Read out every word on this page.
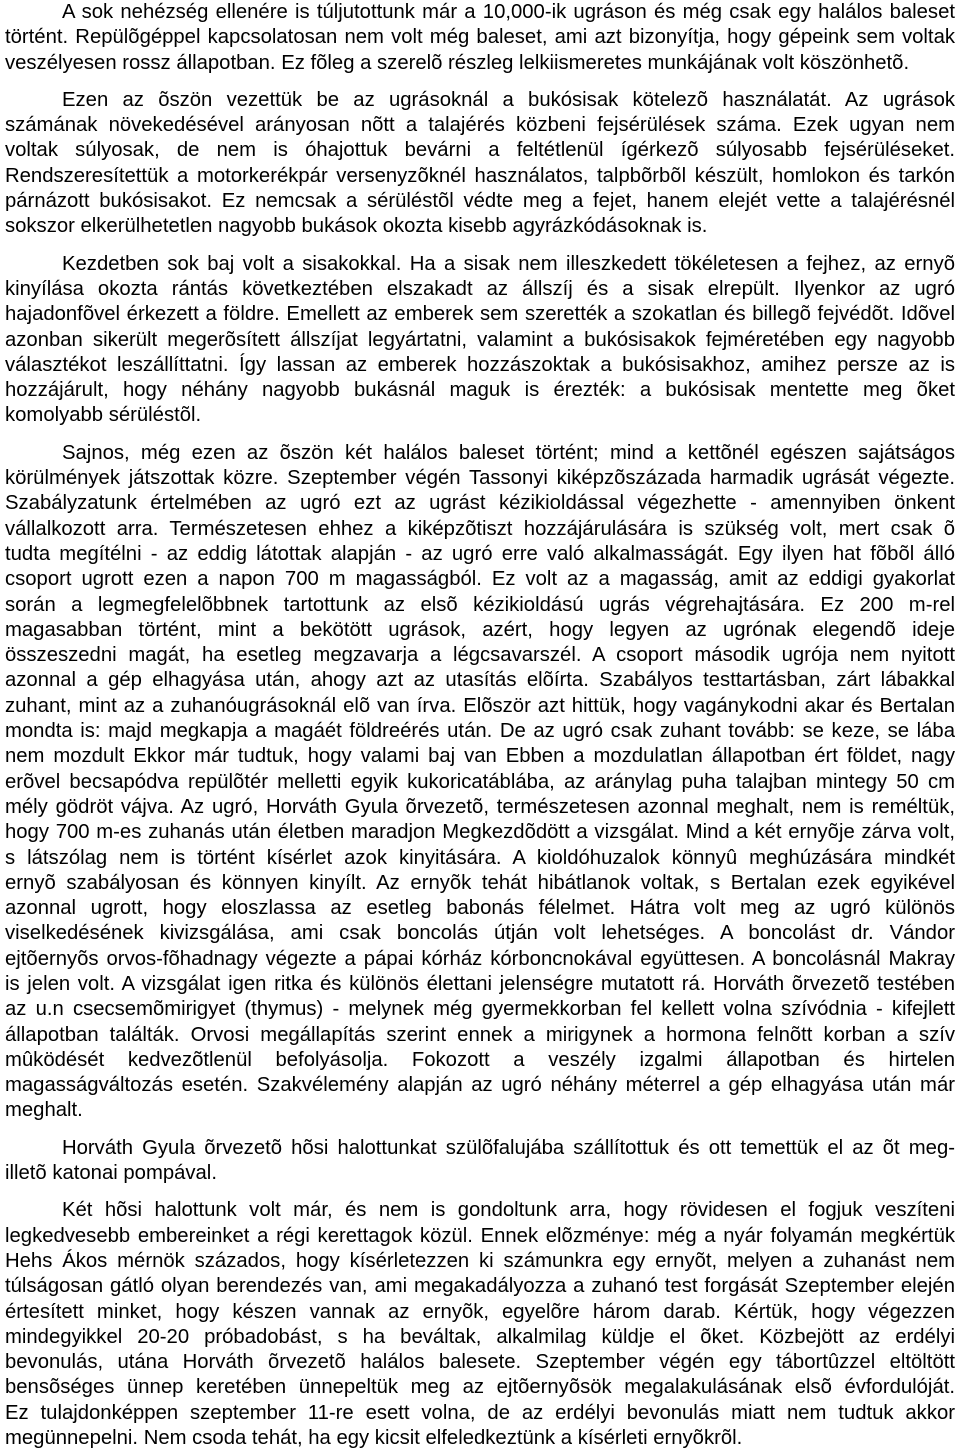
A sok nehézség ellenére is túljutottunk már a 10,000-ik ugráson és még csak egy halálos baleset
történt. Repülõgéppel kapcsolatosan nem volt még baleset, ami azt bizonyítja, hogy gépeink sem voltak
veszélyesen rossz állapotban. Ez fõleg a szerelõ részleg lelkiismeretes munkájának volt köszönhetõ.
Ezen az õszön vezettük be az ugrásoknál a bukósisak kötelezõ használatát. Az ugrások
számának növekedésével arányosan nõtt a talajérés közbeni fejsérülések száma. Ezek ugyan nem
voltak súlyosak, de nem is óhajottuk bevárni a feltétlenül ígérkezõ súlyosabb fejsérüléseket.
Rendszeresítettük a motorkerékpár versenyzõknél használatos, talpbõrbõl készült, homlokon és tarkón
párnázott bukósisakot. Ez nemcsak a sérüléstõl védte meg a fejet, hanem elejét vette a talajérésnél
sokszor elkerülhetetlen nagyobb bukások okozta kisebb agyrázkódásoknak is.
Kezdetben sok baj volt a sisakokkal. Ha a sisak nem illeszkedett tökéletesen a fejhez, az ernyõ
kinyílása okozta rántás következtében elszakadt az állszíj és a sisak elrepült. Ilyenkor az ugró
hajadonfõvel érkezett a földre. Emellett az emberek sem szerették a szokatlan és billegõ fejvédõt. Idõvel
azonban sikerült megerõsített állszíjat legyártatni, valamint a bukósisakok fejméretében egy nagyobb
választékot leszállíttatni. Így lassan az emberek hozzászoktak a bukósisakhoz, amihez persze az is
hozzájárult, hogy néhány nagyobb bukásnál maguk is érezték: a bukósisak mentette meg õket
komolyabb sérüléstõl.
Sajnos, még ezen az õszön két halálos baleset történt; mind a kettõnél egészen sajátságos
körülmények játszottak közre. Szeptember végén Tassonyi kiképzõszázada harmadik ugrását végezte.
Szabályzatunk értelmében az ugró ezt az ugrást kézikioldással végezhette - amennyiben önkent
vállalkozott arra. Természetesen ehhez a kiképzõtiszt hozzájárulására is szükség volt, mert csak õ
tudta megítélni - az eddig látottak alapján - az ugró erre való alkalmasságát. Egy ilyen hat fõbõl álló
csoport ugrott ezen a napon 700 m magasságból. Ez volt az a magasság, amit az eddigi gyakorlat
során a legmegfelelõbbnek tartottunk az elsõ kézikioldású ugrás végrehajtására. Ez 200 m-rel
magasabban történt, mint a bekötött ugrások, azért, hogy legyen az ugrónak elegendõ ideje
összeszedni magát, ha esetleg megzavarja a légcsavarszél. A csoport második ugrója nem nyitott
azonnal a gép elhagyása után, ahogy azt az utasítás elõírta. Szabályos testtartásban, zárt lábakkal
zuhant, mint az a zuhanóugrásoknál elõ van írva. Elõször azt hittük, hogy vagánykodni akar és Bertalan
mondta is: majd megkapja a magáét földreérés után. De az ugró csak zuhant tovább: se keze, se lába
nem mozdult Ekkor már tudtuk, hogy valami baj van Ebben a mozdulatlan állapotban ért földet, nagy
erõvel becsapódva repülõtér melletti egyik kukoricatáblába, az aránylag puha talajban mintegy 50 cm
mély gödröt vájva. Az ugró, Horváth Gyula õrvezetõ, természetesen azonnal meghalt, nem is reméltük,
hogy 700 m-es zuhanás után életben maradjon Megkezdõdött a vizsgálat. Mind a két ernyõje zárva volt,
s látszólag nem is történt kísérlet azok kinyitására. A kioldóhuzalok könnyû meghúzására mindkét
ernyõ szabályosan és könnyen kinyílt. Az ernyõk tehát hibátlanok voltak, s Bertalan ezek egyikével
azonnal ugrott, hogy eloszlassa az esetleg babonás félelmet. Hátra volt meg az ugró különös
viselkedésének kivizsgálása, ami csak boncolás útján volt lehetséges. A boncolást dr. Vándor
ejtõernyõs orvos-fõhadnagy végezte a pápai kórház kórboncnokával együttesen. A boncolásnál Makray
is jelen volt. A vizsgálat igen ritka és különös élettani jelenségre mutatott rá. Horváth õrvezetõ testében
az u.n csecsemõmirigyet (thymus) - melynek még gyermekkorban fel kellett volna szívódnia - kifejlett
állapotban találták. Orvosi megállapítás szerint ennek a mirigynek a hormona felnõtt korban a szív
mûködését kedvezõtlenül befolyásolja. Fokozott a veszély izgalmi állapotban és hirtelen
magasságváltozás esetén. Szakvélemény alapján az ugró néhány méterrel a gép elhagyása után már
meghalt.
Horváth Gyula õrvezetõ hõsi halottunkat szülõfalujába szállítottuk és ott temettük el az õt meg-
illetõ katonai pompával.
Két hõsi halottunk volt már, és nem is gondoltunk arra, hogy rövidesen el fogjuk veszíteni
legkedvesebb embereinket a régi kerettagok közül. Ennek elõzménye: még a nyár folyamán megkértük
Hehs Ákos mérnök százados, hogy kísérletezzen ki számunkra egy ernyõt, melyen a zuhanást nem
túlságosan gátló olyan berendezés van, ami megakadályozza a zuhanó test forgását Szeptember elején
értesített minket, hogy készen vannak az ernyõk, egyelõre három darab. Kértük, hogy végezzen
mindegyikkel 20-20 próbadobást, s ha beváltak, alkalmilag küldje el õket. Közbejött az erdélyi
bevonulás, utána Horváth õrvezetõ halálos balesete. Szeptember végén egy tábortûzzel eltöltött
bensõséges ünnep keretében ünnepeltük meg az ejtõernyõsök megalakulásának elsõ évfordulóját.
Ez tulajdonképpen szeptember 11-re esett volna, de az erdélyi bevonulás miatt nem tudtuk akkor
megünnepelni. Nem csoda tehát, ha egy kicsit elfeledkeztünk a kísérleti ernyõkrõl.
